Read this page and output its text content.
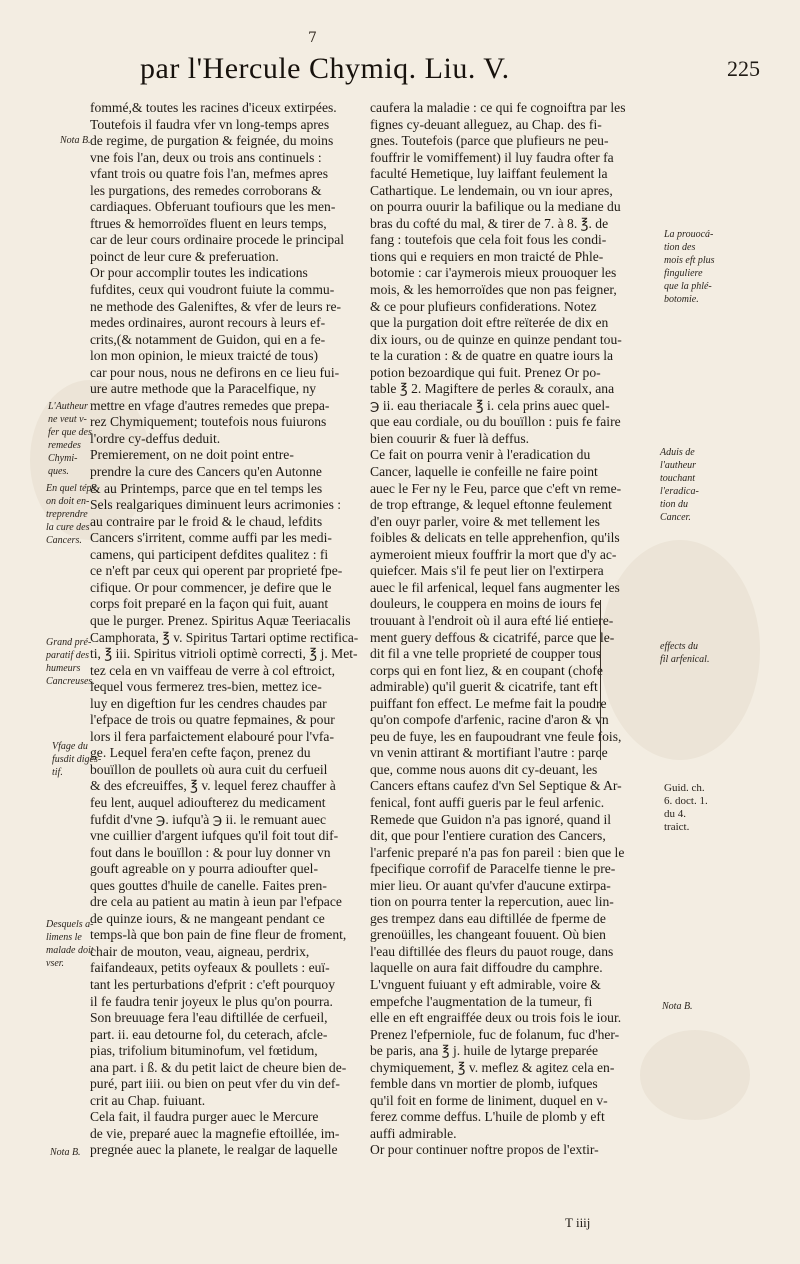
7
par l'Hercule Chymiq. Liu. V.	225
fommé,& toutes les racines d'iceux extirpées.
Toutefois il faudra vfer vn long-temps apres
de regime, de purgation & feignée, du moins
vne fois l'an, deux ou trois ans continuels :
vfant trois ou quatre fois l'an, mefmes apres
les purgations, des remedes corroborans &
cardiaques. Obferuant toufiours que les men-
ftrues & hemorroïdes fluent en leurs temps,
car de leur cours ordinaire procede le principal
poinct de leur cure & preferuation.
Or pour accomplir toutes les indications
fufdites, ceux qui voudront fuiute la commu-
ne methode des Galeniftes, & vfer de leurs re-
medes ordinaires, auront recours à leurs ef-
crits,(& notamment de Guidon, qui en a fe-
lon mon opinion, le mieux traicté de tous)
car pour nous, nous ne defirons en ce lieu fui-
ure autre methode que la Paracelfique, ny
mettre en vfage d'autres remedes que prepa-
rez Chymiquement; toutefois nous fuiurons
l'ordre cy-deffus deduit.
Premierement, on ne doit point entre-
prendre la cure des Cancers qu'en Autonne
& au Printemps, parce que en tel temps les
Sels realgariques diminuent leurs acrimonies :
au contraire par le froid & le chaud, lefdits
Cancers s'irritent, comme auffi par les medi-
camens, qui participent defdites qualitez : fi
ce n'eft par ceux qui operent par proprieté fpe-
cifique. Or pour commencer, je defire que le
corps foit preparé en la façon qui fuit, auant
que le purger. Prenez. Spiritus Aquæ Teeriacalis
Camphorata, ℥ v. Spiritus Tartari optime rectifica-
ti, ℥ iii. Spiritus vitrioli optimè correcti, ℥ j. Met-
tez cela en vn vaiffeau de verre à col eftroict,
lequel vous fermerez tres-bien, mettez ice-
luy en digeftion fur les cendres chaudes par
l'efpace de trois ou quatre fepmaines, & pour
lors il fera parfaictement elabouré pour l'vfa-
ge. Lequel fera'en cefte façon, prenez du
bouïllon de poullets où aura cuit du cerfueil
& des efcreuiffes, ℥ v. lequel ferez chauffer à
feu lent, auquel adioufterez du medicament
fufdit d'vne ℈. iufqu'à ℈ ii. le remuant auec
vne cuillier d'argent iufques qu'il foit tout dif-
fout dans le bouïllon : & pour luy donner vn
gouft agreable on y pourra adioufter quel-
ques gouttes d'huile de canelle. Faites pren-
dre cela au patient au matin à ieun par l'efpace
de quinze iours, & ne mangeant pendant ce
temps-là que bon pain de fine fleur de froment,
chair de mouton, veau, aigneau, perdrix,
faifandeaux, petits oyfeaux & poullets : euï-
tant les perturbations d'efprit : c'eft pourquoy
il fe faudra tenir joyeux le plus qu'on pourra.
Son breuuage fera l'eau diftillée de cerfueil,
part. ii. eau detourne fol, du ceterach, afcle-
pias, trifolium bituminofum, vel fœtidum,
ana part. i ß. & du petit laict de cheure bien de-
puré, part iiii. ou bien on peut vfer du vin def-
crit au Chap. fuiuant.
Cela fait, il faudra purger auec le Mercure
de vie, preparé auec la magnefie eftoillée, im-
pregnée auec la planete, le realgar de laquelle
caufera la maladie : ce qui fe cognoiftra par les
fignes cy-deuant alleguez, au Chap. des fi-
gnes. Toutefois (parce que plufieurs ne peu-
fouffrir le vomiffement) il luy faudra ofter fa
faculté Hemetique, luy laiffant feulement la
Cathartique. Le lendemain, ou vn iour apres,
on pourra ouurir la bafilique ou la mediane du
bras du cofté du mal, & tirer de 7. à 8. ℥. de
fang : toutefois que cela foit fous les condi-
tions qui e requiers en mon traicté de Phle-
botomie : car i'aymerois mieux prouoquer les
mois, & les hemorroïdes que non pas feigner,
& ce pour plufieurs confiderations. Notez
que la purgation doit eftre reïterée de dix en
dix iours, ou de quinze en quinze pendant tou-
te la curation : & de quatre en quatre iours la
potion bezoardique qui fuit. Prenez Or po-
table ℥ 2. Magiftere de perles & coraulx, ana
℈ ii. eau theriacale ℥ i. cela prins auec quel-
que eau cordiale, ou du bouïllon : puis fe faire
bien couurir & fuer là deffus.
Ce fait on pourra venir à l'eradication du
Cancer, laquelle ie confeille ne faire point
auec le Fer ny le Feu, parce que c'eft vn reme-
de trop eftrange, & lequel eftonne feulement
d'en ouyr parler, voire & met tellement les
foibles & delicats en telle apprehenfion, qu'ils
aymeroient mieux fouffrir la mort que d'y ac-
quiefcer. Mais s'il fe peut lier on l'extirpera
auec le fil arfenical, lequel fans augmenter les
douleurs, le couppera en moins de iours fe
trouuant à l'endroit où il aura efté lié entiere-
ment guery deffous & cicatrifé, parce que le-
dit fil a vne telle proprieté de coupper tous
corps qui en font liez, & en coupant (chofe
admirable) qu'il guerit & cicatrife, tant eft
puiffant fon effect. Le mefme fait la poudre
qu'on compofe d'arfenic, racine d'aron & vn
peu de fuye, les en faupoudrant vne feule fois,
vn venin attirant & mortifiant l'autre : parce
que, comme nous auons dit cy-deuant, les
Cancers eftans caufez d'vn Sel Septique & Ar-
fenical, font auffi gueris par le feul arfenic.
Remede que Guidon n'a pas ignoré, quand il
dit, que pour l'entiere curation des Cancers,
l'arfenic preparé n'a pas fon pareil : bien que le
fpecifique corrofif de Paracelfe tienne le pre-
mier lieu. Or auant qu'vfer d'aucune extirpa-
tion on pourra tenter la repercution, auec lin-
ges trempez dans eau diftillée de fperme de
grenoüilles, les changeant fouuent. Où bien
l'eau diftillée des fleurs du pauot rouge, dans
laquelle on aura fait diffoudre du camphre.
L'vnguent fuiuant y eft admirable, voire &
empefche l'augmentation de la tumeur, fi
elle en eft engraiffée deux ou trois fois le iour.
Prenez l'efperniole, fuc de folanum, fuc d'her-
be paris, ana ℥ j. huile de lytarge preparée
chymiquement, ℥ v. meflez & agitez cela en-
femble dans vn mortier de plomb, iufques
qu'il foit en forme de liniment, duquel en v-
ferez comme deffus. L'huile de plomb y eft
auffi admirable.
Or pour continuer noftre propos de l'extir-
Nota B.
L'Autheur
ne veut v-
fer que des
remedes
Chymi-
ques.
En quel téps
on doit en-
treprendre
la cure des
Cancers.
Grand pré-
paratif des
humeurs
Cancreuses.
Vfage du
fusdit diges-
tif.
Desquels a-
limens le
malade doit
vser.
Nota B.
La prouocá-
tion des
mois eft plus
finguliere
que la phlé-
botomie.
Aduis de
l'autheur
touchant
l'eradica-
tion du
Cancer.
effects du
fil arfenical.
Guid. ch.
6. doct. 1.
du 4.
traict.
Nota B.
T iiij
